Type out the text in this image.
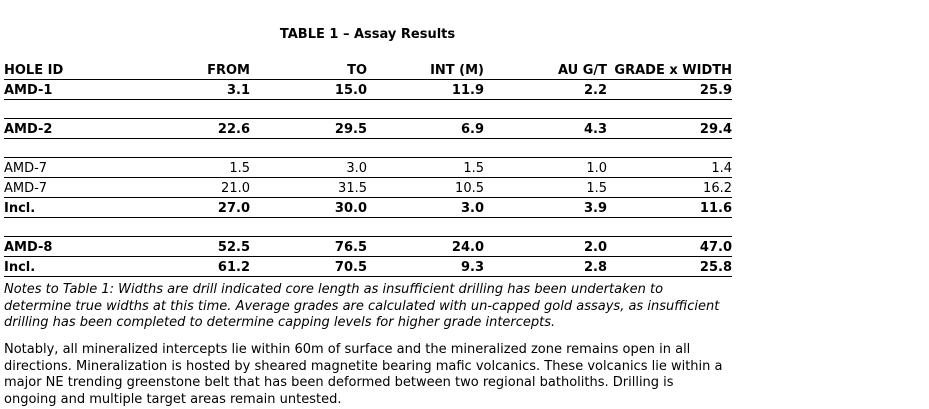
TABLE 1 – Assay Results
HOLE ID	FROM	TO	INT (M)	AU G/T	GRADE x WIDTH
AMD-1	3.1	15.0	11.9	2.2	25.9

AMD-2	22.6	29.5	6.9	4.3	29.4

AMD-7	1.5	3.0	1.5	1.0	1.4
AMD-7	21.0	31.5	10.5	1.5	16.2
Incl.	27.0	30.0	3.0	3.9	11.6

AMD-8	52.5	76.5	24.0	2.0	47.0
Incl.	61.2	70.5	9.3	2.8	25.8

Notes to Table 1: Widths are drill indicated core length as insufficient drilling has been undertaken to determine true widths at this time. Average grades are calculated with un-capped gold assays, as insufficient drilling has been completed to determine capping levels for higher grade intercepts.

Notably, all mineralized intercepts lie within 60m of surface and the mineralized zone remains open in all directions. Mineralization is hosted by sheared magnetite bearing mafic volcanics. These volcanics lie within a major NE trending greenstone belt that has been deformed between two regional batholiths. Drilling is ongoing and multiple target areas remain untested.
